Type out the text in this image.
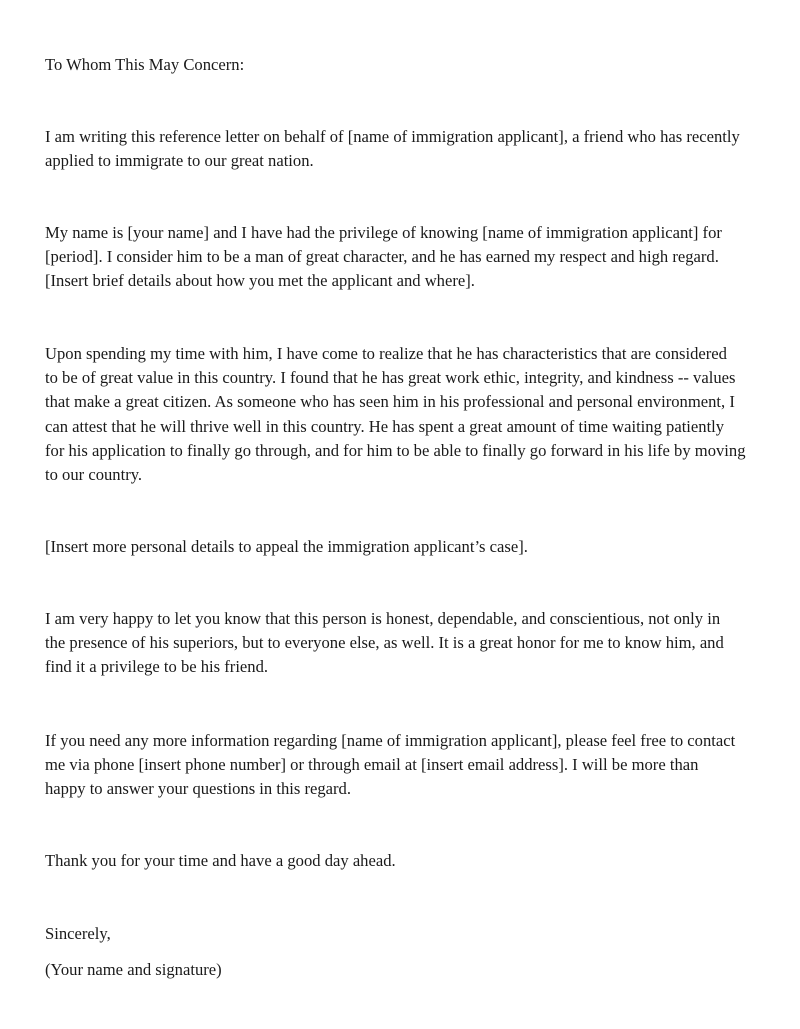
To Whom This May Concern:

I am writing this reference letter on behalf of [name of immigration applicant], a friend who has recently
applied to immigrate to our great nation.

My name is [your name] and I have had the privilege of knowing [name of immigration applicant] for
[period]. I consider him to be a man of great character, and he has earned my respect and high regard.
[Insert brief details about how you met the applicant and where].

Upon spending my time with him, I have come to realize that he has characteristics that are considered
to be of great value in this country. I found that he has great work ethic, integrity, and kindness -- values
that make a great citizen. As someone who has seen him in his professional and personal environment, I
can attest that he will thrive well in this country. He has spent a great amount of time waiting patiently
for his application to finally go through, and for him to be able to finally go forward in his life by moving
to our country.

[Insert more personal details to appeal the immigration applicant’s case].

I am very happy to let you know that this person is honest, dependable, and conscientious, not only in
the presence of his superiors, but to everyone else, as well. It is a great honor for me to know him, and
find it a privilege to be his friend.

If you need any more information regarding [name of immigration applicant], please feel free to contact
me via phone [insert phone number] or through email at [insert email address]. I will be more than
happy to answer your questions in this regard.

Thank you for your time and have a good day ahead.

Sincerely,

(Your name and signature)
